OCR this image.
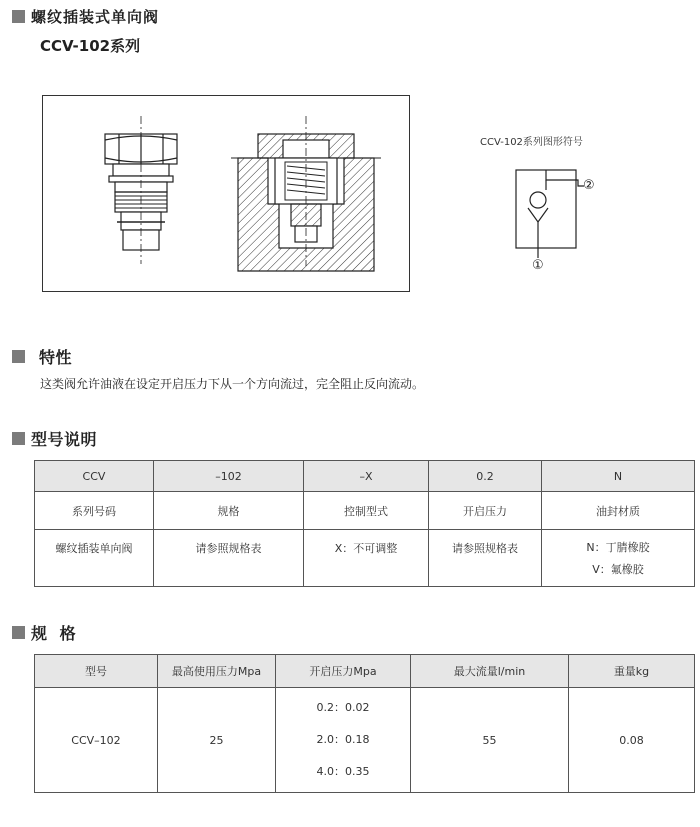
螺纹插装式单向阀
CCV-102系列
CCV-102系列图形符号
②
①
特性
这类阀允许油液在设定开启压力下从一个方向流过，完全阻止反向流动。
型号说明
CCV	–102	–X	0.2	N
系列号码	规格	控制型式	开启压力	油封材质
螺纹插装单向阀	请参照规格表	X：不可调整	请参照规格表	N：丁腈橡胶
V：氟橡胶
规  格
型号	最高使用压力Mpa	开启压力Mpa	最大流量l/min	重量kg
CCV–102	25	0.2：0.02
2.0：0.18
4.0：0.35	55	0.08
